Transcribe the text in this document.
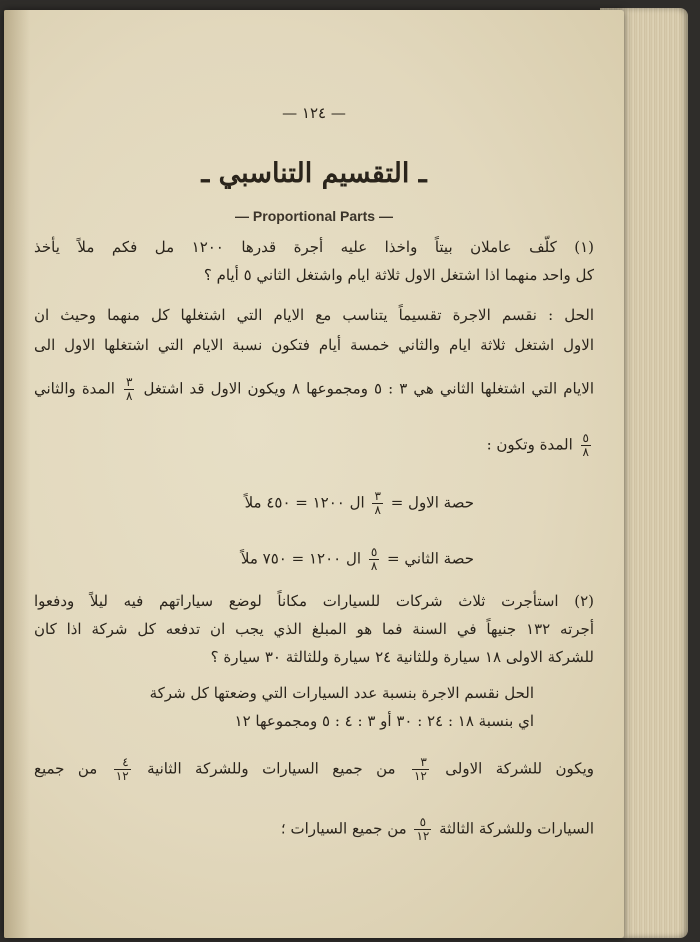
— ١٢٤ —
ـ التقسيم التناسبي ـ
— Proportional Parts —
(١) كلّف عاملان بيتاً واخذا عليه أجرة قدرها ١٢٠٠ مل فكم ملاً يأخذ
كل واحد منهما اذا اشتغل الاول ثلاثة ايام واشتغل الثاني ٥ أيام ؟
الحل : نقسم الاجرة تقسيماً يتناسب مع الايام التي اشتغلها كل منهما وحيث ان
الاول اشتغل ثلاثة ايام والثاني خمسة أيام فتكون نسبة الايام التي اشتغلها الاول الى
الايام التي اشتغلها الثاني هي ٣ : ٥ ومجموعها ٨ ويكون الاول قد اشتغل
$\frac{٣}{٨}$
المدة والثاني
$\frac{٥}{٨}$
المدة وتكون :
حصة الاول =
$\frac{٣}{٨}$
ال ١٢٠٠ = ٤٥٠ ملاً
حصة الثاني =
$\frac{٥}{٨}$
ال ١٢٠٠ = ٧٥٠ ملاً
(٢) استأجرت ثلاث شركات للسيارات مكاناً لوضع سياراتهم فيه ليلاً ودفعوا
أجرته ١٣٢ جنيهاً في السنة فما هو المبلغ الذي يجب ان تدفعه كل شركة اذا كان
للشركة الاولى ١٨ سيارة وللثانية ٢٤ سيارة وللثالثة ٣٠ سيارة ؟
الحل نقسم الاجرة بنسبة عدد السيارات التي وضعتها كل شركة
اي بنسبة ١٨ : ٢٤ : ٣٠ أو ٣ : ٤ : ٥ ومجموعها ١٢
ويكون للشركة الاولى
$\frac{٣}{١٢}$
من جميع السيارات وللشركة الثانية
$\frac{٤}{١٢}$
من جميع
السيارات وللشركة الثالثة
$\frac{٥}{١٢}$
من جميع السيارات ؛
